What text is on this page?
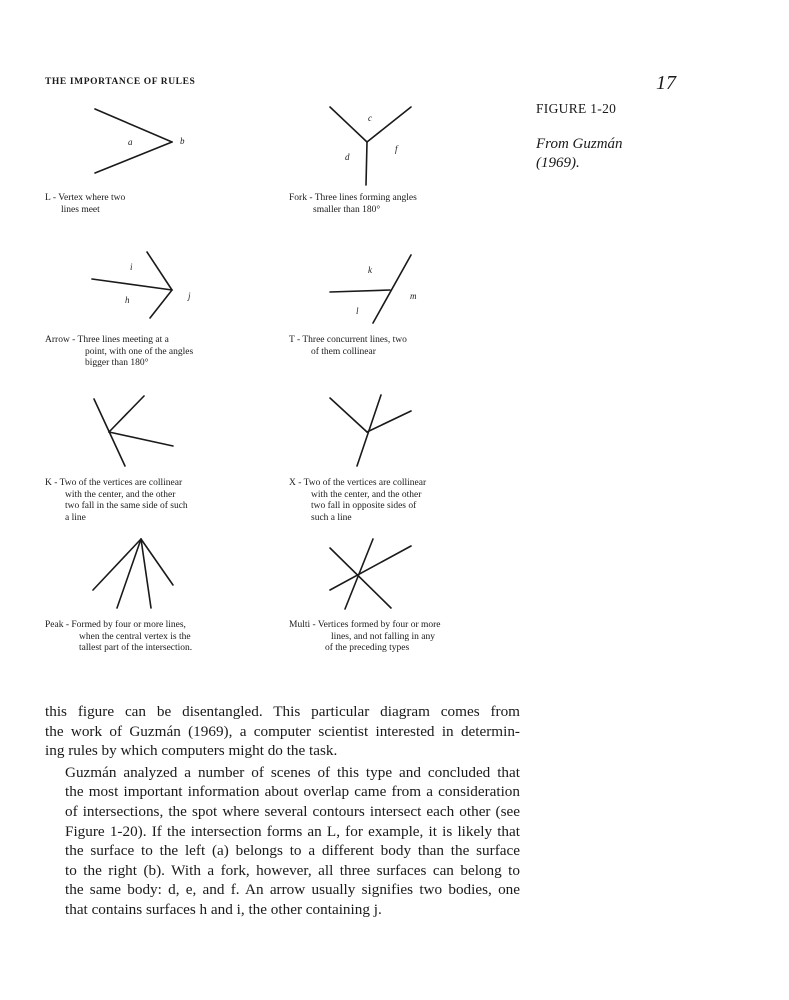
THE IMPORTANCE OF RULES	17
FIGURE 1-20
From Guzmán (1969).
a	b
c
d
f
i
j
h
k
l
m
L - Vertex where two
lines meet
Fork - Three lines forming angles
smaller than 180°
Arrow - Three lines meeting at a
point, with one of the angles
bigger than 180°
T - Three concurrent lines, two
of them collinear
K - Two of the vertices are collinear
with the center, and the other
two fall in the same side of such
a line
X - Two of the vertices are collinear
with the center, and the other
two fall in opposite sides of
such a line
Peak - Formed by four or more lines,
when the central vertex is the
tallest part of the intersection.
Multi - Vertices formed by four or more
lines, and not falling in any
of the preceding types

this figure can be disentangled. This particular diagram comes from
the work of Guzmán (1969), a computer scientist interested in determin-
ing rules by which computers might do the task.

Guzmán analyzed a number of scenes of this type and concluded that
the most important information about overlap came from a consideration
of intersections, the spot where several contours intersect each other (see
Figure 1-20). If the intersection forms an L, for example, it is likely that
the surface to the left (a) belongs to a different body than the surface
to the right (b). With a fork, however, all three surfaces can belong to
the same body: d, e, and f. An arrow usually signifies two bodies, one
that contains surfaces h and i, the other containing j.
